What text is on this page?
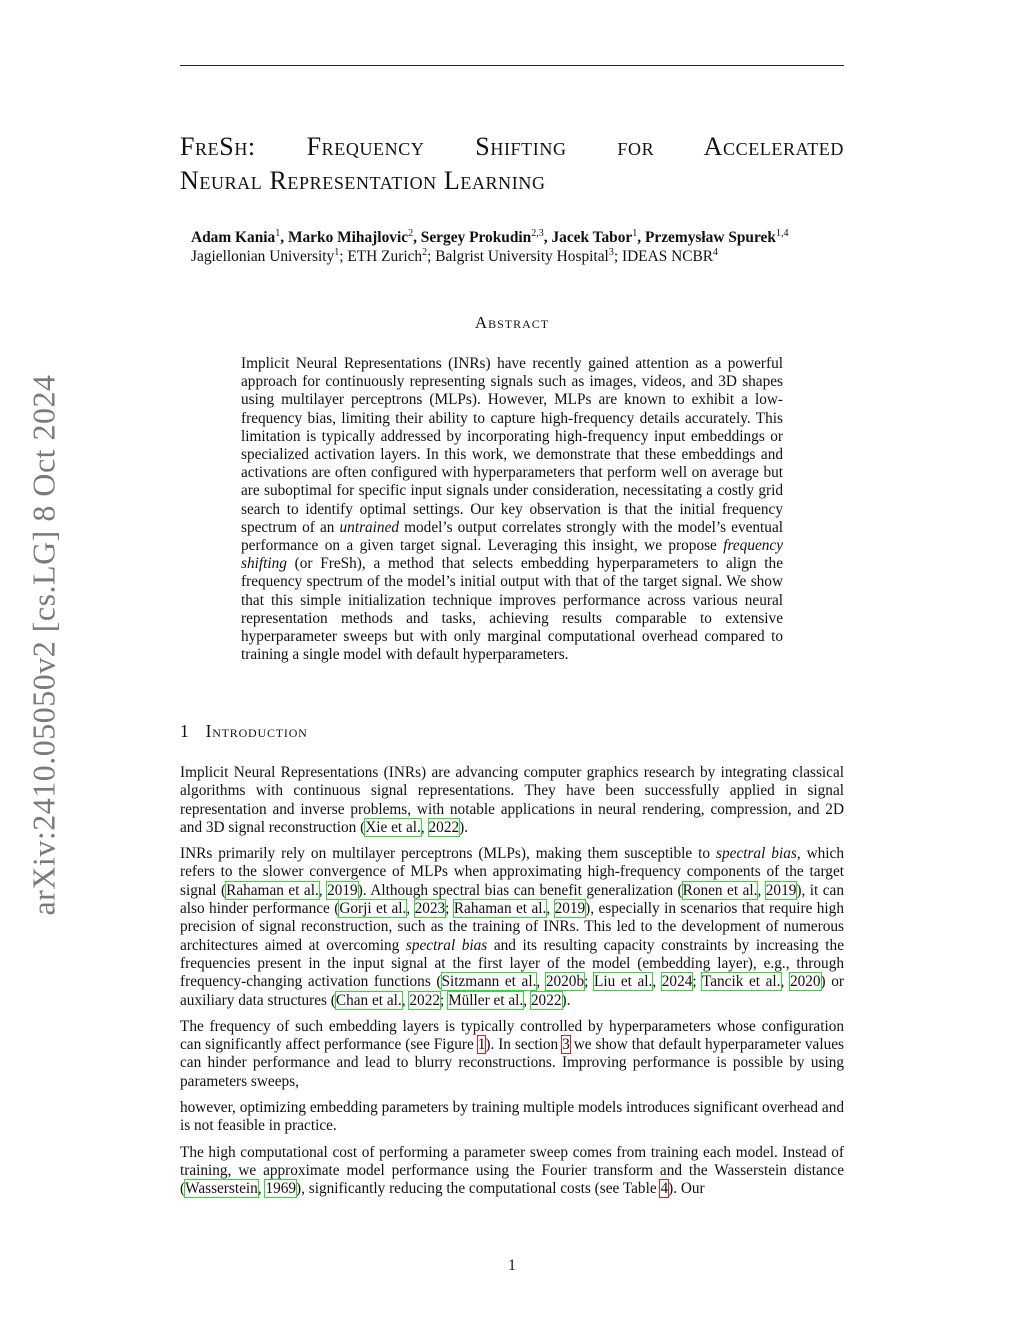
arXiv:2410.05050v2 [cs.LG] 8 Oct 2024
FreSh: Frequency Shifting for Accelerated
Neural Representation Learning
Adam Kania$^1$, Marko Mihajlovic$^2$, Sergey Prokudin$^{2,3}$, Jacek Tabor$^1$, Przemysław Spurek$^{1,4}$
Jagiellonian University$^1$; ETH Zurich$^2$; Balgrist University Hospital$^3$; IDEAS NCBR$^4$
Abstract

Implicit Neural Representations (INRs) have recently gained attention as a powerful approach for continuously representing signals such as images, videos, and 3D shapes using multilayer perceptrons (MLPs). However, MLPs are known to exhibit a low-frequency bias, limiting their ability to capture high-frequency details accurately. This limitation is typically addressed by incorporating high-frequency input embeddings or specialized activation layers. In this work, we demonstrate that these embeddings and activations are often configured with hyperparameters that perform well on average but are suboptimal for specific input signals under consideration, necessitating a costly grid search to identify optimal settings. Our key observation is that the initial frequency spectrum of an untrained model’s output correlates strongly with the model’s eventual performance on a given target signal. Leveraging this insight, we propose frequency shifting (or FreSh), a method that selects embedding hyperparameters to align the frequency spectrum of the model’s initial output with that of the target signal. We show that this simple initialization technique improves performance across various neural representation methods and tasks, achieving results comparable to extensive hyperparameter sweeps but with only marginal computational overhead compared to training a single model with default hyperparameters.

1 Introduction

Implicit Neural Representations (INRs) are advancing computer graphics research by integrating classical algorithms with continuous signal representations. They have been successfully applied in signal representation and inverse problems, with notable applications in neural rendering, compression, and 2D and 3D signal reconstruction (Xie et al., 2022).

INRs primarily rely on multilayer perceptrons (MLPs), making them susceptible to spectral bias, which refers to the slower convergence of MLPs when approximating high-frequency components of the target signal (Rahaman et al., 2019). Although spectral bias can benefit generalization (Ronen et al., 2019), it can also hinder performance (Gorji et al., 2023; Rahaman et al., 2019), especially in scenarios that require high precision of signal reconstruction, such as the training of INRs. This led to the development of numerous architectures aimed at overcoming spectral bias and its resulting capacity constraints by increasing the frequencies present in the input signal at the first layer of the model (embedding layer), e.g., through frequency-changing activation functions (Sitzmann et al., 2020b; Liu et al., 2024; Tancik et al., 2020) or auxiliary data structures (Chan et al., 2022; Müller et al., 2022).

The frequency of such embedding layers is typically controlled by hyperparameters whose configuration can significantly affect performance (see Figure 1). In section 3 we show that default hyperparameter values can hinder performance and lead to blurry reconstructions. Improving performance is possible by using parameters sweeps,

however, optimizing embedding parameters by training multiple models introduces significant overhead and is not feasible in practice.

The high computational cost of performing a parameter sweep comes from training each model. Instead of training, we approximate model performance using the Fourier transform and the Wasserstein distance (Wasserstein, 1969), significantly reducing the computational costs (see Table 4). Our

1
